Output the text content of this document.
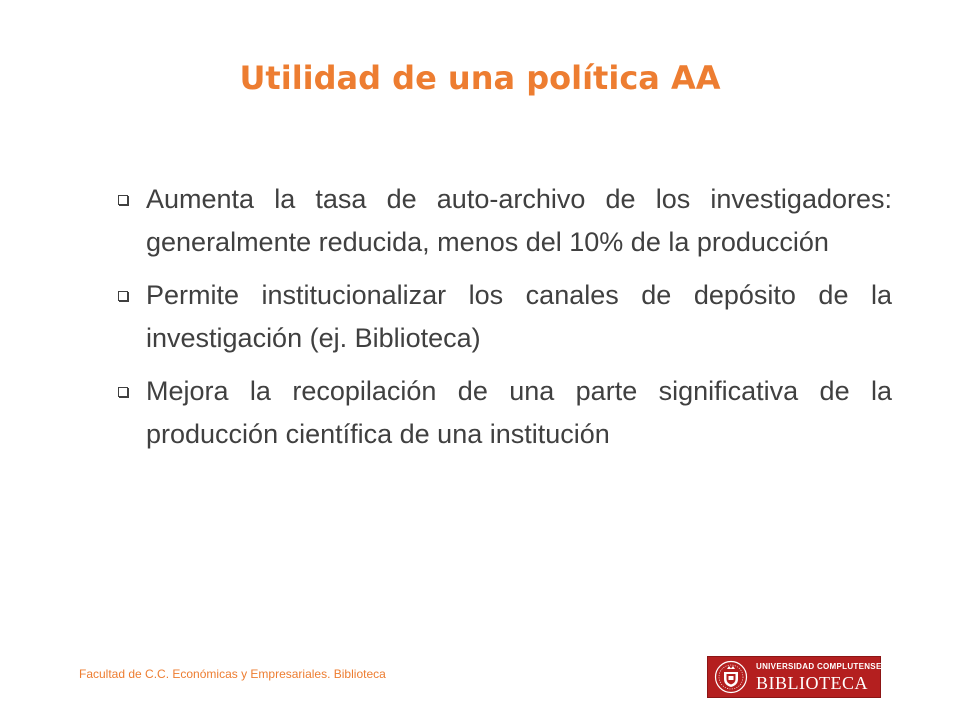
Utilidad de una política AA
Aumenta la tasa de auto-archivo de los investigadores: generalmente reducida, menos del 10% de la producción
Permite institucionalizar los canales de depósito de la investigación (ej. Biblioteca)
Mejora la recopilación de una parte significativa de la producción científica de una institución
Facultad de C.C. Económicas y Empresariales. Biblioteca
UNIVERSIDAD COMPLUTENSE
BIBLIOTECA
